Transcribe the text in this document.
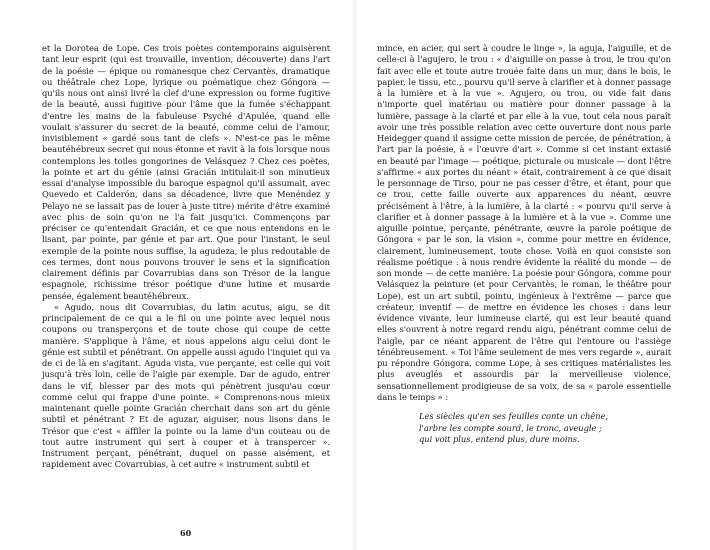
et la Dorotea de Lope. Ces trois poètes contemporains aiguisèrent tant leur esprit (qui est trouvaille, invention, découverte) dans l'art de la poésie — épique ou romanesque chez Cervantès, dramatique ou théâtrale chez Lope, lyrique ou poématique chez Góngora — qu'ils nous ont ainsi livré la clef d'une expression ou forme fugitive de la beauté, aussi fugitive pour l'âme que la fumée s'échappant d'entre les mains de la fabuleuse Psyché d'Apulée, quand elle voulait s'assurer du secret de la beauté, comme celui de l'amour, invisiblement « gardé sous tant de clefs ». N'est-ce pas le même beautéhébreux secret qui nous étonne et ravit à la fois lorsque nous contemplons les toiles gongorines de Velásquez ? Chez ces poètes, la pointe et art du génie (ainsi Gracián intitulait-il son minutieux essai d'analyse impossible du baroque espagnol qu'il assumait, avec Quevedo et Calderón, dans sa décadence, livre que Menéndez y Pelayo ne se lassait pas de louer à juste titre) mérite d'être examiné avec plus de soin qu'on ne l'a fait jusqu'ici. Commençons par préciser ce qu'entendait Gracián, et ce que nous entendons en le lisant, par pointe, par génie et par art. Que pour l'instant, le seul exemple de la pointe nous suffise, la agudeza, le plus redoutable de ces termes, dont nous pouvons trouver le sens et la signification clairement définis par Covarrubias dans son Trésor de la langue espagnole, richissime trésor poétique d'une lutine et musarde pensée, également beautéhébreux.

« Agudo, nous dit Covarrubias, du latin acutus, aigu, se dit principalement de ce qui a le fil ou une pointe avec lequel nous coupons ou transperçons et de toute chose qui coupe de cette manière. S'applique à l'âme, et nous appelons aigu celui dont le génie est subtil et pénétrant. On appelle aussi agudo l'inquiet qui va de ci de là en s'agitant. Aguda vista, vue perçante, est celle qui voit jusqu'à très loin, celle de l'aigle par exemple. Dar de agudo, entrer dans le vif, blesser par des mots qui pénètrent jusqu'au cœur comme celui qui frappe d'une pointe. » Comprenons-nous mieux maintenant quelle pointe Gracián cherchait dans son art du génie subtil et pénétrant ? Et de aguzar, aiguiser, nous lisons dans le Trésor que c'est « affiler la pointe ou la lame d'un couteau ou de tout autre instrument qui sert à couper et à transpercer ». Instrument perçant, pénétrant, duquel on passe aisément, et rapidement avec Covarrubias, à cet autre « instrument subtil et

60

mince, en acier, qui sert à coudre le linge », la aguja, l'aiguille, et de celle-ci à l'agujero, le trou : « d'aiguille on passe à trou, le trou qu'on fait avec elle et toute autre trouée faite dans un mur, dans le bois, le papier, le tissu, etc., pourvu qu'il serve à clarifier et à donner passage à la lumière et à la vue ». Agujero, ou trou, ou vide fait dans n'importe quel matériau ou matière pour donner passage à la lumière, passage à la clarté et par elle à la vue, tout cela nous paraît avoir une très possible relation avec cette ouverture dont nous parle Heidegger quand il assigne cette mission de percée, de pénétration, à l'art par la poésie, à « l'œuvre d'art ». Comme si cet instant extasié en beauté par l'image — poétique, picturale ou musicale — dont l'être s'affirme « aux portes du néant » était, contrairement à ce que disait le personnage de Tirso, pour ne pas cesser d'être, et étant, pour que ce trou, cette faille ouverte aux apparences du néant, œuvre précisément à l'être, à la lumière, à la clarté : « pourvu qu'il serve à clarifier et à donner passage à la lumière et à la vue ». Comme une aiguille pointue, perçante, pénétrante, œuvre la parole poétique de Góngora « par le son, la vision », comme pour mettre en évidence, clairement, lumineusement, toute chose. Voilà en quoi consiste son réalisme poétique : à nous rendre évidente la réalité du monde — de son monde — de cette manière. La poésie pour Góngora, comme pour Velásquez la peinture (et pour Cervantès, le roman, le théâtre pour Lope), est un art subtil, pointu, ingénieux à l'extrême — parce que créateur, inventif — de mettre en évidence les choses : dans leur évidence vivante, leur lumineuse clarté, qui est leur beauté quand elles s'ouvrent à notre regard rendu aigu, pénétrant comme celui de l'aigle, par ce néant apparent de l'être qui l'entoure ou l'assiège ténébreusement. « Toi l'âme seulement de mes vers regarde », aurait pu répondre Góngora, comme Lope, à ses critiques matérialistes les plus aveuglés et assourdis par la merveilleuse violence, sensationnellement prodigieuse de sa voix, de sa « parole essentielle dans le temps » :

Les siècles qu'en ses feuilles conte un chêne,
l'arbre les compte sourd, le tronc, aveugle ;
qui voit plus, entend plus, dure moins.
